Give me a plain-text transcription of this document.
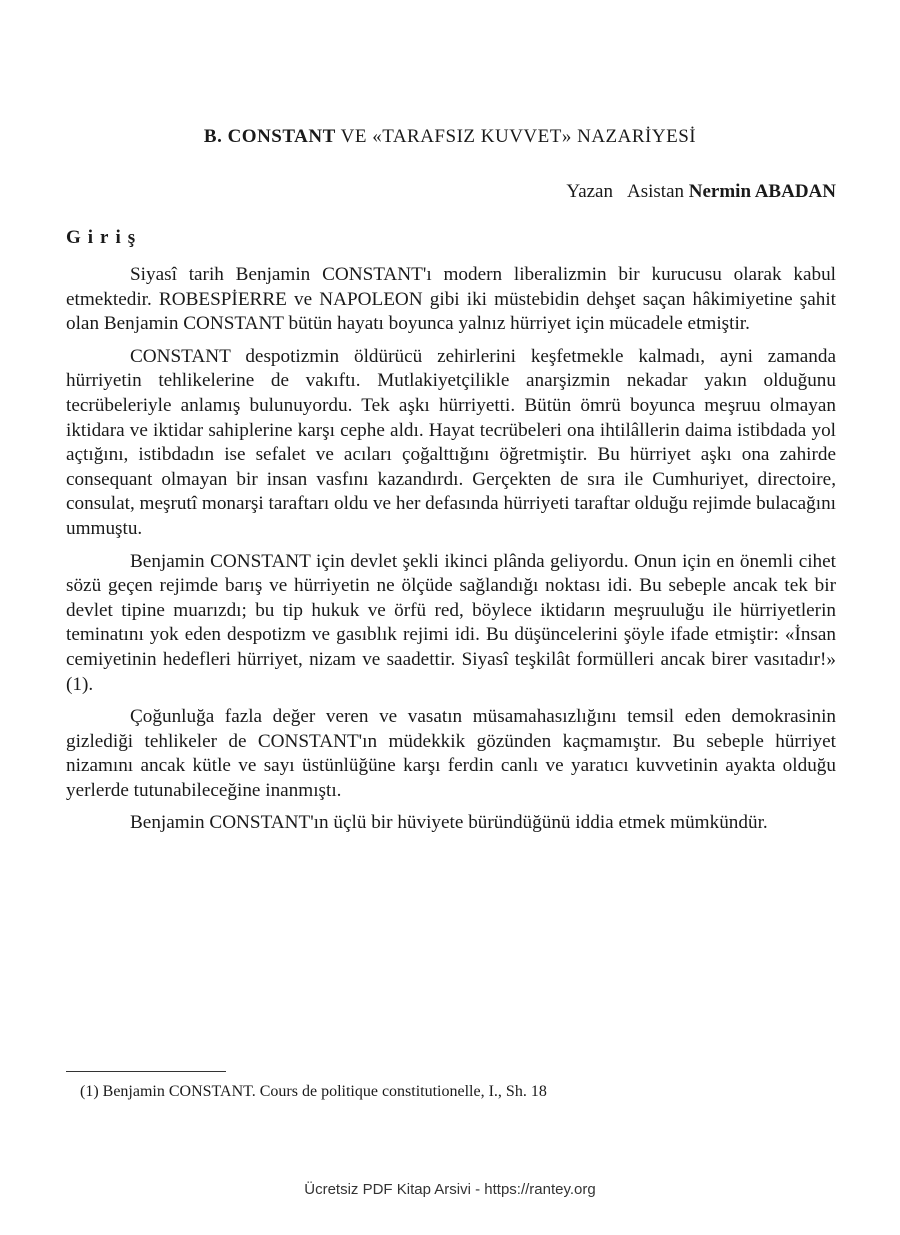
B. CONSTANT VE «TARAFSIZ KUVVET» NAZARİYESİ
Yazan Asistan Nermin ABADAN
Giriş

Siyasî tarih Benjamin CONSTANT'ı modern liberalizmin bir kurucusu olarak kabul etmektedir. ROBESPİERRE ve NAPOLEON gibi iki müstebidin dehşet saçan hâkimiyetine şahit olan Benjamin CONSTANT bütün hayatı boyunca yalnız hürriyet için mücadele etmiştir.

CONSTANT despotizmin öldürücü zehirlerini keşfetmekle kalmadı, ayni zamanda hürriyetin tehlikelerine de vakıftı. Mutlakiyetçilikle anarşizmin nekadar yakın olduğunu tecrübeleriyle anlamış bulunuyordu. Tek aşkı hürriyetti. Bütün ömrü boyunca meşruu olmayan iktidara ve iktidar sahiplerine karşı cephe aldı. Hayat tecrübeleri ona ihtilâllerin daima istibdada yol açtığını, istibdadın ise sefalet ve acıları çoğalttığını öğretmiştir. Bu hürriyet aşkı ona zahirde consequant olmayan bir insan vasfını kazandırdı. Gerçekten de sıra ile Cumhuriyet, directoire, consulat, meşrutî monarşi taraftarı oldu ve her defasında hürriyeti taraftar olduğu rejimde bulacağını ummuştu.

Benjamin CONSTANT için devlet şekli ikinci plânda geliyordu. Onun için en önemli cihet sözü geçen rejimde barış ve hürriyetin ne ölçüde sağlandığı noktası idi. Bu sebeple ancak tek bir devlet tipine muarızdı; bu tip hukuk ve örfü red, böylece iktidarın meşruuluğu ile hürriyetlerin teminatını yok eden despotizm ve gasıblık rejimi idi. Bu düşüncelerini şöyle ifade etmiştir: «İnsan cemiyetinin hedefleri hürriyet, nizam ve saadettir. Siyasî teşkilât formülleri ancak birer vasıtadır!» (1).

Çoğunluğa fazla değer veren ve vasatın müsamahasızlığını temsil eden demokrasinin gizlediği tehlikeler de CONSTANT'ın müdekkik gözünden kaçmamıştır. Bu sebeple hürriyet nizamını ancak kütle ve sayı üstünlüğüne karşı ferdin canlı ve yaratıcı kuvvetinin ayakta olduğu yerlerde tutunabileceğine inanmıştı.

Benjamin CONSTANT'ın üçlü bir hüviyete büründüğünü iddia etmek mümkündür.

(1) Benjamin CONSTANT. Cours de politique constitutionelle, I., Sh. 18
Ücretsiz PDF Kitap Arsivi - https://rantey.org
